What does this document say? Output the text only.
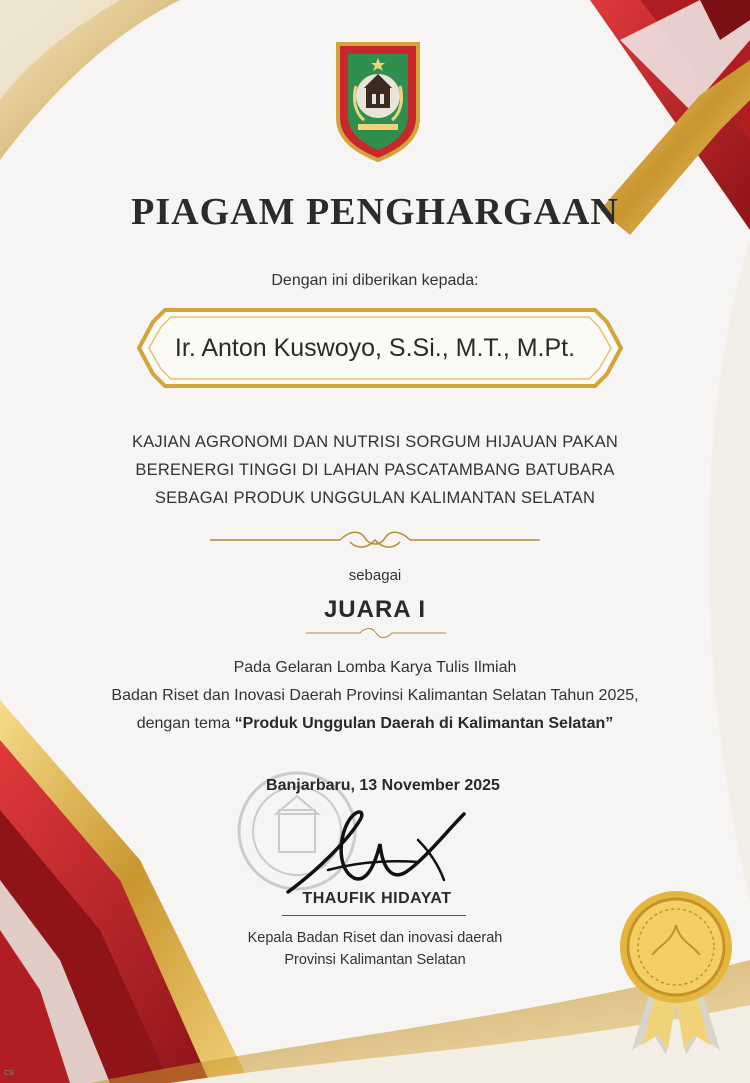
PIAGAM PENGHARGAAN
Dengan ini diberikan kepada:
Ir. Anton Kuswoyo, S.Si., M.T., M.Pt.
KAJIAN AGRONOMI DAN NUTRISI SORGUM HIJAUAN PAKAN
BERENERGI TINGGI DI LAHAN PASCATAMBANG BATUBARA
SEBAGAI PRODUK UNGGULAN KALIMANTAN SELATAN
sebagai
JUARA I
Pada Gelaran Lomba Karya Tulis Ilmiah
Badan Riset dan Inovasi Daerah Provinsi Kalimantan Selatan Tahun 2025,
dengan tema “Produk Unggulan Daerah di Kalimantan Selatan”
Banjarbaru, 13 November 2025
THAUFIK HIDAYAT
Kepala Badan Riset dan inovasi daerah
Provinsi Kalimantan Selatan
CS
